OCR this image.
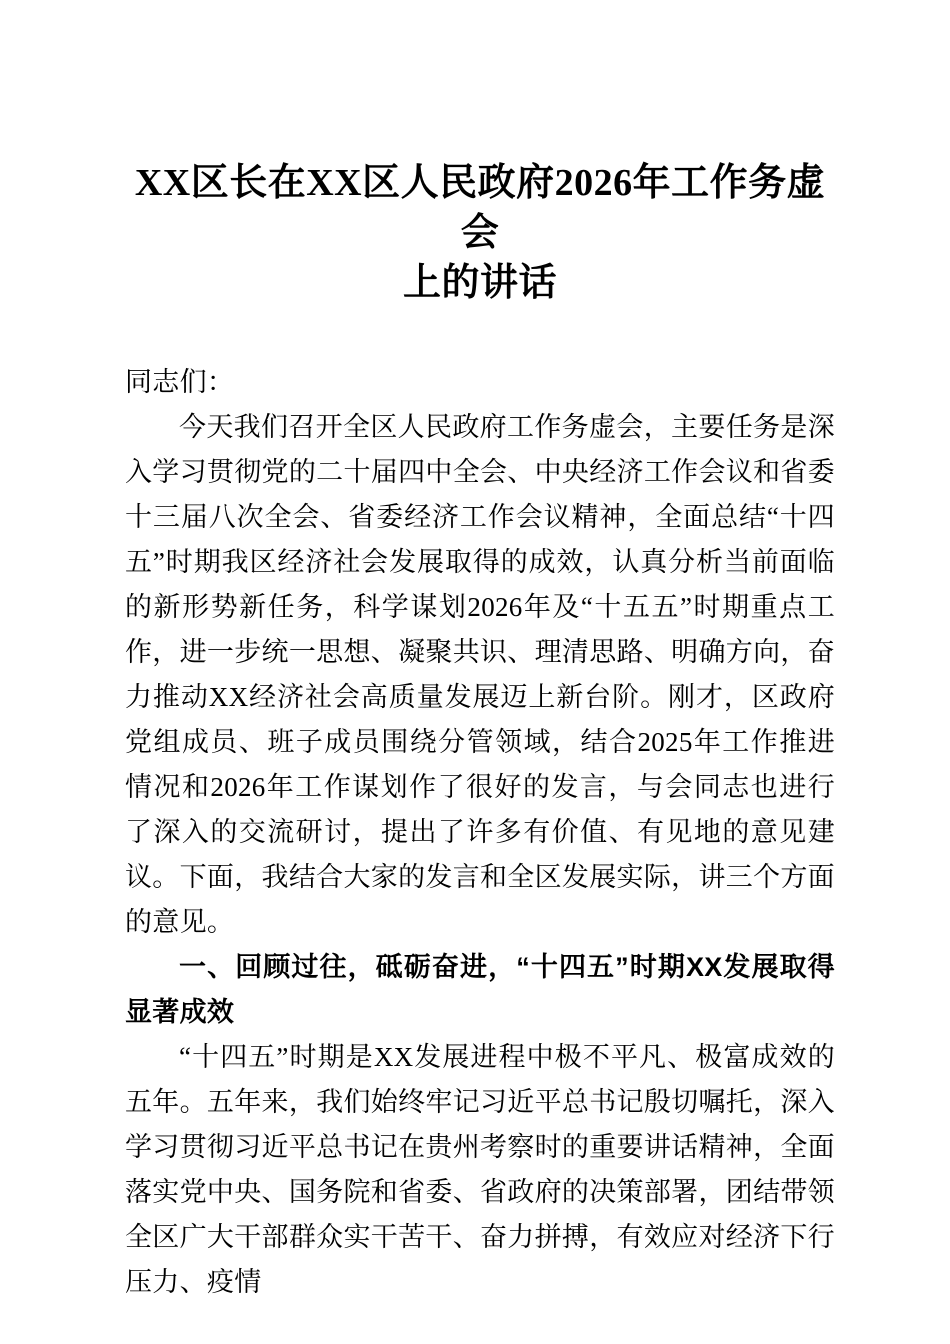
XX区长在XX区人民政府2026年工作务虚会
上的讲话

同志们：

今天我们召开全区人民政府工作务虚会，主要任务是深入学习贯彻党的二十届四中全会、中央经济工作会议和省委十三届八次全会、省委经济工作会议精神，全面总结“十四五”时期我区经济社会发展取得的成效，认真分析当前面临的新形势新任务，科学谋划2026年及“十五五”时期重点工作，进一步统一思想、凝聚共识、理清思路、明确方向，奋力推动XX经济社会高质量发展迈上新台阶。刚才，区政府党组成员、班子成员围绕分管领域，结合2025年工作推进情况和2026年工作谋划作了很好的发言，与会同志也进行了深入的交流研讨，提出了许多有价值、有见地的意见建议。下面，我结合大家的发言和全区发展实际，讲三个方面的意见。

一、回顾过往，砥砺奋进，“十四五”时期XX发展取得显著成效

“十四五”时期是XX发展进程中极不平凡、极富成效的五年。五年来，我们始终牢记习近平总书记殷切嘱托，深入学习贯彻习近平总书记在贵州考察时的重要讲话精神，全面落实党中央、国务院和省委、省政府的决策部署，团结带领全区广大干部群众实干苦干、奋力拼搏，有效应对经济下行压力、疫情
